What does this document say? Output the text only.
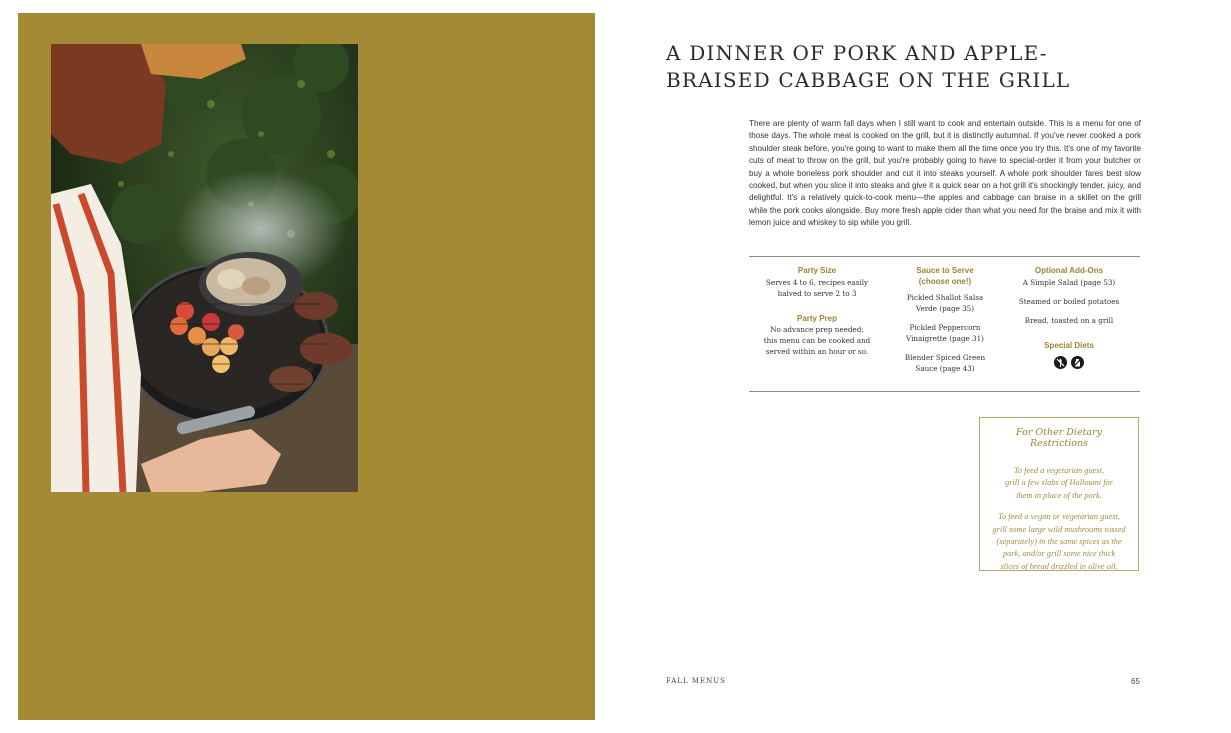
A DINNER OF PORK AND APPLE-
BRAISED CABBAGE ON THE GRILL

There are plenty of warm fall days when I still want to cook and entertain outside. This is a menu for one of those days. The whole meal is cooked on the grill, but it is distinctly autumnal. If you've never cooked a pork shoulder steak before, you're going to want to make them all the time once you try this. It's one of my favorite cuts of meat to throw on the grill, but you're probably going to have to special-order it from your butcher or buy a whole boneless pork shoulder and cut it into steaks yourself. A whole pork shoulder fares best slow cooked, but when you slice it into steaks and give it a quick sear on a hot grill it's shockingly tender, juicy, and delightful. It's a relatively quick-to-cook menu—the apples and cabbage can braise in a skillet on the grill while the pork cooks alongside. Buy more fresh apple cider than what you need for the braise and mix it with lemon juice and whiskey to sip while you grill.

Party Size
Serves 4 to 6, recipes easily
halved to serve 2 to 3
Party Prep
No advance prep needed;
this menu can be cooked and
served within an hour or so.
Sauce to Serve
(choose one!)
Pickled Shallot Salsa
Verde (page 35)
Pickled Peppercorn
Vinaigrette (page 31)
Blender Spiced Green
Sauce (page 43)
Optional Add-Ons
A Simple Salad (page 53)
Steamed or boiled potatoes
Bread, toasted on a grill
Special Diets
For Other Dietary Restrictions

To feed a vegetarian guest,
grill a few slabs of Halloumi for
them in place of the pork.

To feed a vegan or vegetarian guest,
grill some large wild mushrooms tossed
(separately) in the same spices as the
pork, and/or grill some nice thick
slices of bread drizzled in olive oil.

FALL MENUS	65
